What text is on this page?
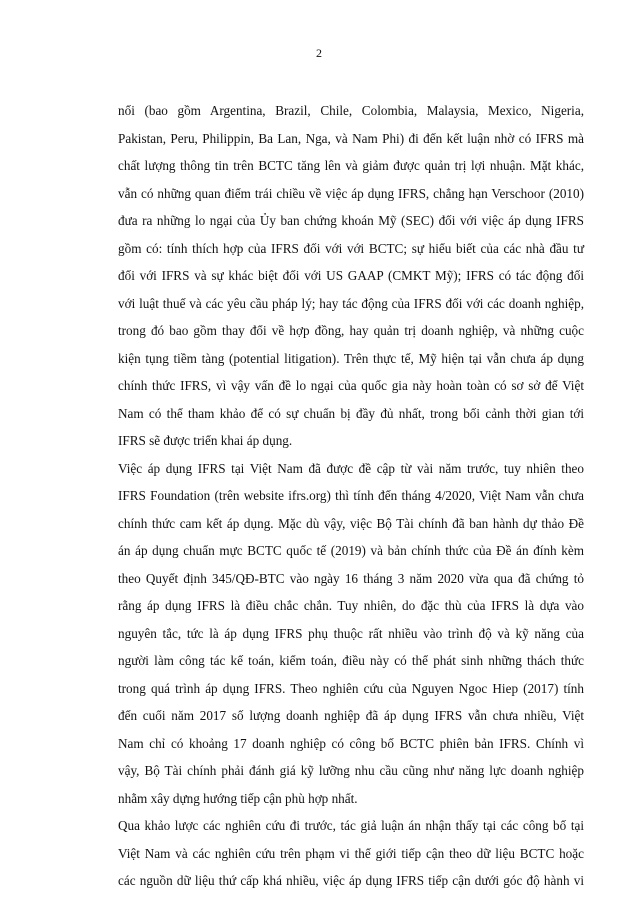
2

nối (bao gồm Argentina, Brazil, Chile, Colombia, Malaysia, Mexico, Nigeria,
Pakistan, Peru, Philippin, Ba Lan, Nga, và Nam Phi) đi đến kết luận nhờ có IFRS mà
chất lượng thông tin trên BCTC tăng lên và giảm được quản trị lợi nhuận. Mặt khác,
vẫn có những quan điểm trái chiều về việc áp dụng IFRS, chẳng hạn Verschoor (2010)
đưa ra những lo ngại của Ủy ban chứng khoán Mỹ (SEC) đối với việc áp dụng IFRS
gồm có: tính thích hợp của IFRS đối với với BCTC; sự hiểu biết của các nhà đầu tư
đối với IFRS và sự khác biệt đối với US GAAP (CMKT Mỹ); IFRS có tác động đối
với luật thuế và các yêu cầu pháp lý; hay tác động của IFRS đối với các doanh nghiệp,
trong đó bao gồm thay đổi về hợp đồng, hay quản trị doanh nghiệp, và những cuộc
kiện tụng tiềm tàng (potential litigation). Trên thực tế, Mỹ hiện tại vẫn chưa áp dụng
chính thức IFRS, vì vậy vấn đề lo ngại của quốc gia này hoàn toàn có sơ sở để Việt
Nam có thể tham khảo để có sự chuẩn bị đầy đủ nhất, trong bối cảnh thời gian tới
IFRS sẽ được triển khai áp dụng.

Việc áp dụng IFRS tại Việt Nam đã được đề cập từ vài năm trước, tuy nhiên theo
IFRS Foundation (trên website ifrs.org) thì tính đến tháng 4/2020, Việt Nam vẫn chưa
chính thức cam kết áp dụng. Mặc dù vậy, việc Bộ Tài chính đã ban hành dự thảo Đề
án áp dụng chuẩn mực BCTC quốc tế (2019) và bản chính thức của Đề án đính kèm
theo Quyết định 345/QĐ-BTC vào ngày 16 tháng 3 năm 2020 vừa qua đã chứng tỏ
rằng áp dụng IFRS là điều chắc chắn. Tuy nhiên, do đặc thù của IFRS là dựa vào
nguyên tắc, tức là áp dụng IFRS phụ thuộc rất nhiều vào trình độ và kỹ năng của
người làm công tác kế toán, kiểm toán, điều này có thể phát sinh những thách thức
trong quá trình áp dụng IFRS. Theo nghiên cứu của Nguyen Ngoc Hiep (2017) tính
đến cuối năm 2017 số lượng doanh nghiệp đã áp dụng IFRS vẫn chưa nhiều, Việt
Nam chỉ có khoảng 17 doanh nghiệp có công bố BCTC phiên bản IFRS. Chính vì
vậy, Bộ Tài chính phải đánh giá kỹ lưỡng nhu cầu cũng như năng lực doanh nghiệp
nhằm xây dựng hướng tiếp cận phù hợp nhất.

Qua khảo lược các nghiên cứu đi trước, tác giả luận án nhận thấy tại các công bố tại
Việt Nam và các nghiên cứu trên phạm vi thế giới tiếp cận theo dữ liệu BCTC hoặc
các nguồn dữ liệu thứ cấp khá nhiều, việc áp dụng IFRS tiếp cận dưới góc độ hành vi
